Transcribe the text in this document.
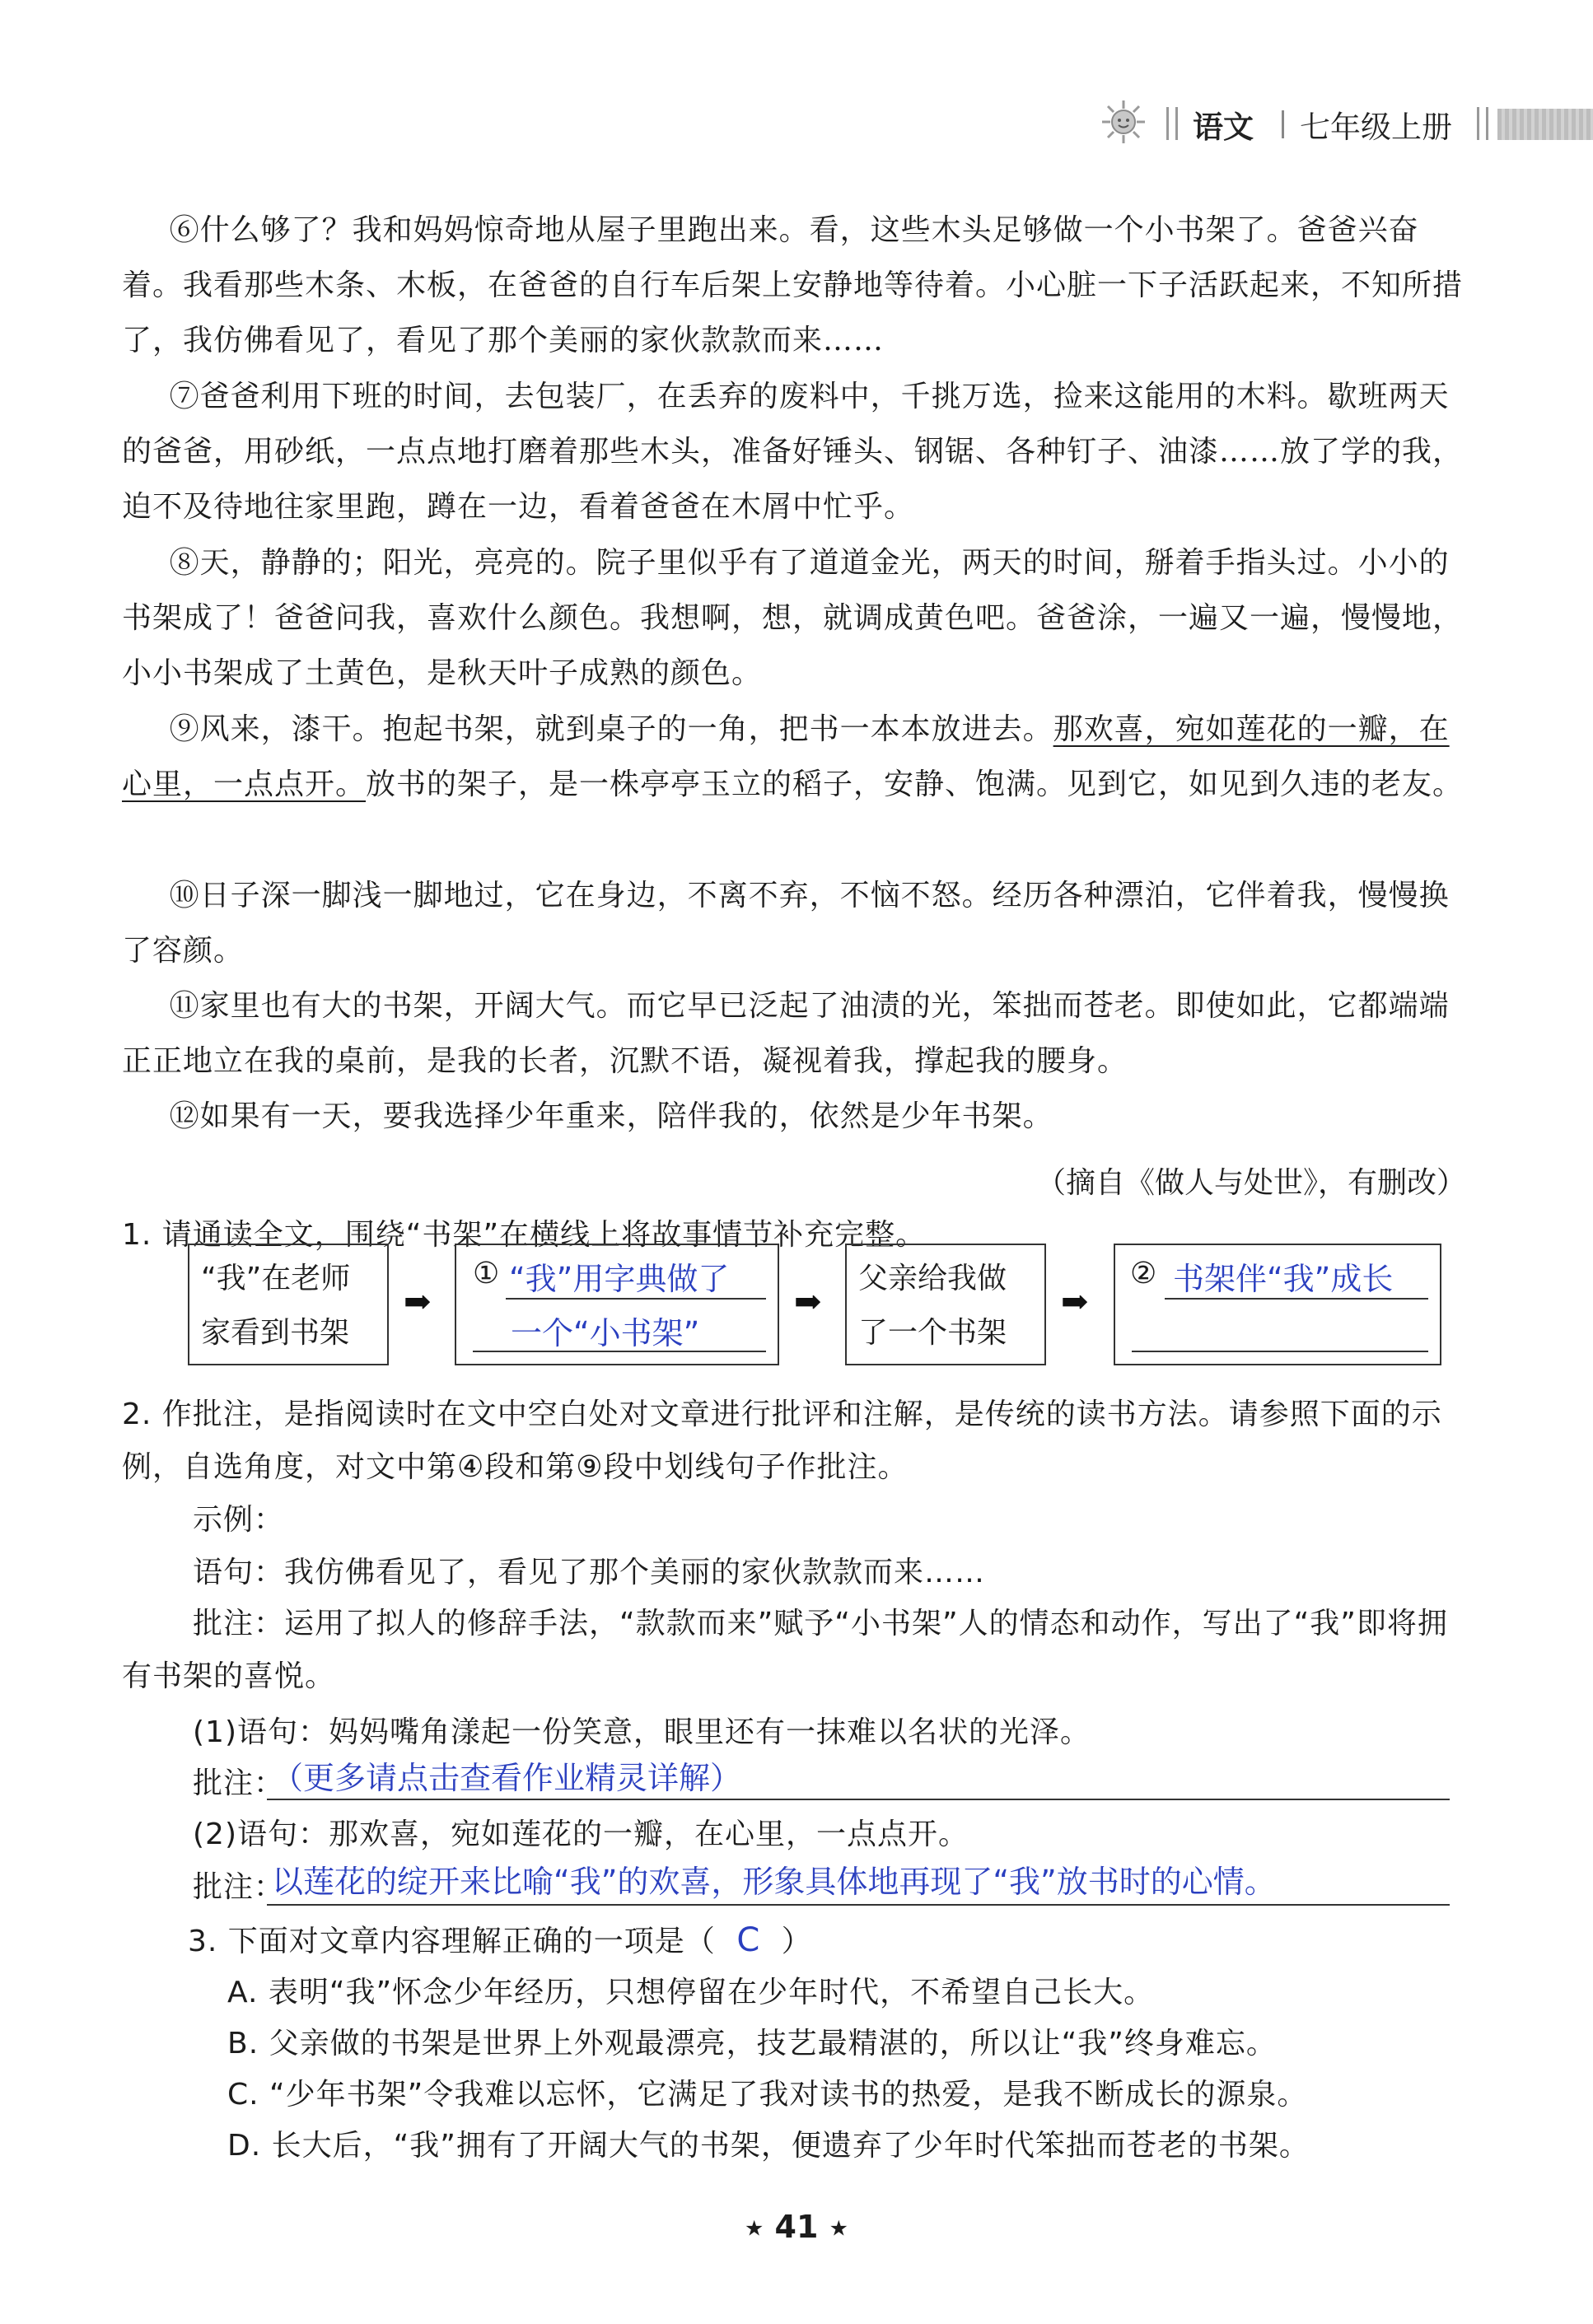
语文 七年级上册

⑥什么够了？我和妈妈惊奇地从屋子里跑出来。看，这些木头足够做一个小书架了。爸爸兴奋着。我看那些木条、木板，在爸爸的自行车后架上安静地等待着。小心脏一下子活跃起来，不知所措了，我仿佛看见了，看见了那个美丽的家伙款款而来……

⑦爸爸利用下班的时间，去包装厂，在丢弃的废料中，千挑万选，捡来这能用的木料。歇班两天的爸爸，用砂纸，一点点地打磨着那些木头，准备好锤头、钢锯、各种钉子、油漆……放了学的我，迫不及待地往家里跑，蹲在一边，看着爸爸在木屑中忙乎。

⑧天，静静的；阳光，亮亮的。院子里似乎有了道道金光，两天的时间，掰着手指头过。小小的书架成了！爸爸问我，喜欢什么颜色。我想啊，想，就调成黄色吧。爸爸涂，一遍又一遍，慢慢地，小小书架成了土黄色，是秋天叶子成熟的颜色。

⑨风来，漆干。抱起书架，就到桌子的一角，把书一本本放进去。那欢喜，宛如莲花的一瓣，在心里，一点点开。放书的架子，是一株亭亭玉立的稻子，安静、饱满。见到它，如见到久违的老友。

⑩日子深一脚浅一脚地过，它在身边，不离不弃，不恼不怒。经历各种漂泊，它伴着我，慢慢换了容颜。

⑪家里也有大的书架，开阔大气。而它早已泛起了油渍的光，笨拙而苍老。即使如此，它都端端正正地立在我的桌前，是我的长者，沉默不语，凝视着我，撑起我的腰身。

⑫如果有一天，要我选择少年重来，陪伴我的，依然是少年书架。

（摘自《做人与处世》，有删改）

1. 请通读全文，围绕“书架”在横线上将故事情节补充完整。

“我”在老师
家看到书架
➡
① “我”用字典做了
一个“小书架”
➡
父亲给我做
了一个书架
➡
② 书架伴“我”成长

2. 作批注，是指阅读时在文中空白处对文章进行批评和注解，是传统的读书方法。请参照下面的示例，自选角度，对文中第④段和第⑨段中划线句子作批注。

示例：

语句：我仿佛看见了，看见了那个美丽的家伙款款而来……

批注：运用了拟人的修辞手法，“款款而来”赋予“小书架”人的情态和动作，写出了“我”即将拥有书架的喜悦。

(1)语句：妈妈嘴角漾起一份笑意，眼里还有一抹难以名状的光泽。

批注：

（更多请点击查看作业精灵详解）

(2)语句：那欢喜，宛如莲花的一瓣，在心里，一点点开。

批注：

以莲花的绽开来比喻“我”的欢喜，形象具体地再现了“我”放书时的心情。

3. 下面对文章内容理解正确的一项是（ C ）

A. 表明“我”怀念少年经历，只想停留在少年时代，不希望自己长大。

B. 父亲做的书架是世界上外观最漂亮，技艺最精湛的，所以让“我”终身难忘。

C. “少年书架”令我难以忘怀，它满足了我对读书的热爱，是我不断成长的源泉。

D. 长大后，“我”拥有了开阔大气的书架，便遗弃了少年时代笨拙而苍老的书架。

★ 41 ★
